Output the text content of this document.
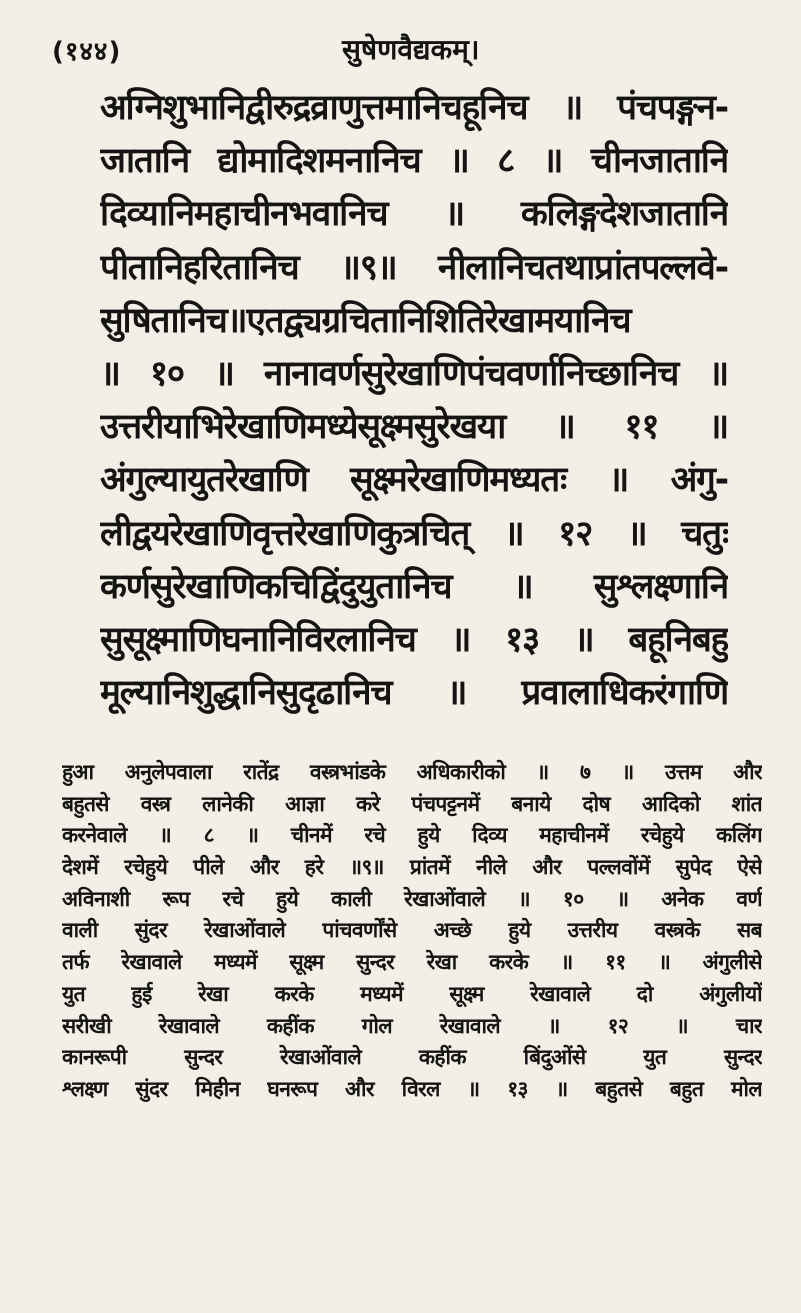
(१४४)	सुषेणवैद्यकम्।
अग्निशुभानिद्वीरुद्रव्राणुत्तमानिचहूनिच ॥ पंचपङ्गन-
जातानि द्योमादिशमनानिच ॥ ८ ॥ चीनजातानि
दिव्यानिमहाचीनभवानिच ॥ कलिङ्गदेशजातानि
पीतानिहरितानिच ॥९॥ नीलानिचतथाप्रांतपल्लवे-
सुषितानिच॥एतद्व्यग्रचितानिशितिरेखामयानिच
॥ १० ॥ नानावर्णसुरेखाणिपंचवर्णानिच्छानिच ॥
उत्तरीयाभिरेखाणिमध्येसूक्ष्मसुरेखया ॥ ११ ॥
अंगुल्यायुतरेखाणि सूक्ष्मरेखाणिमध्यतः ॥ अंगु-
लीद्वयरेखाणिवृत्तरेखाणिकुत्रचित् ॥ १२ ॥ चतुः
कर्णसुरेखाणिकचिद्विंदुयुतानिच ॥ सुश्लक्ष्णानि
सुसूक्ष्माणिघनानिविरलानिच ॥ १३ ॥ बहूनिबहु
मूल्यानिशुद्धानिसुदृढानिच ॥ प्रवालाधिकरंगाणि
हुआ अनुलेपवाला रातेंद्र वस्त्रभांडके अधिकारीको ॥ ७ ॥ उत्तम और
बहुतसे वस्त्र लानेकी आज्ञा करे पंचपट्टनमें बनाये दोष आदिको शांत
करनेवाले ॥ ८ ॥ चीनमें रचे हुये दिव्य महाचीनमें रचेहुये कलिंग
देशमें रचेहुये पीले और हरे ॥९॥ प्रांतमें नीले और पल्लवोंमें सुपेद ऐसे
अविनाशी रूप रचे हुये काली रेखाओंवाले ॥ १० ॥ अनेक वर्ण
वाली सुंदर रेखाओंवाले पांचवर्णोंसे अच्छे हुये उत्तरीय वस्त्रके सब
तर्फ रेखावाले मध्यमें सूक्ष्म सुन्दर रेखा करके ॥ ११ ॥ अंगुलीसे
युत हुई रेखा करके मध्यमें सूक्ष्म रेखावाले दो अंगुलीयों
सरीखी रेखावाले कहींक गोल रेखावाले ॥ १२ ॥ चार
कानरूपी सुन्दर रेखाओंवाले कहींक बिंदुओंसे युत सुन्दर
श्लक्ष्ण सुंदर मिहीन घनरूप और विरल ॥ १३ ॥ बहुतसे बहुत मोल
